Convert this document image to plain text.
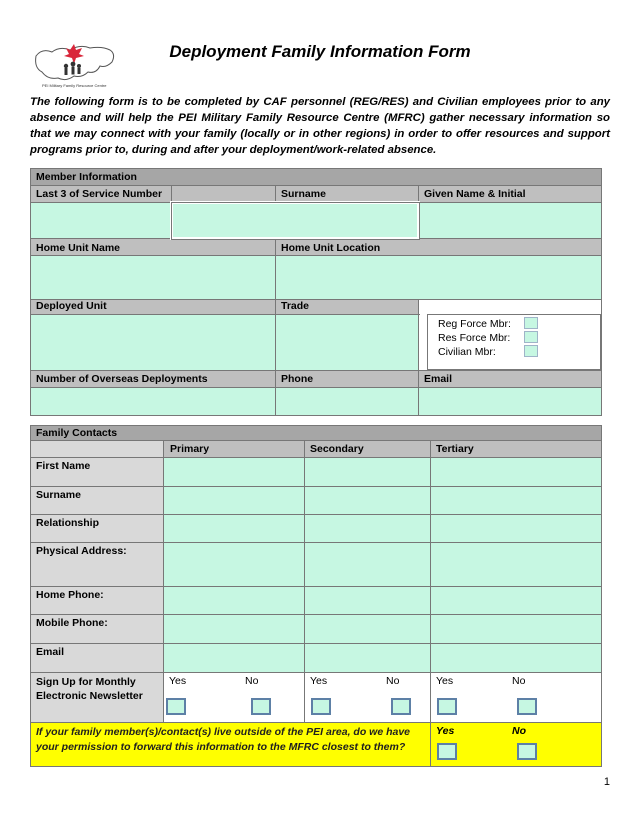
PEI Military Family Resource Centre
Deployment Family Information Form
The following form is to be completed by CAF personnel (REG/RES) and Civilian employees prior to any absence and will help the PEI Military Family Resource Centre (MFRC) gather necessary information so that we may connect with your family (locally or in other regions) in order to offer resources and support programs prior to, during and after your deployment/work-related absence.
Member Information			
Last 3 of Service Number		Surname	Given Name & Initial

Home Unit Name		Home Unit Location	

Deployed Unit		Trade	Reg Force Mbr:
Res Force Mbr:
Civilian Mbr:

Number of Overseas Deployments		Phone	Email

Family Contacts			
	Primary	Secondary	Tertiary
First Name			
Surname			
Relationship			
Physical Address:			
Home Phone:			
Mobile Phone:			
Email			
Sign Up for Monthly Electronic Newsletter	Yes No	Yes No	Yes No

If your family member(s)/contact(s) live outside of the PEI area, do we have your permission to forward this information to the MFRC closest to them?			Yes No
1
